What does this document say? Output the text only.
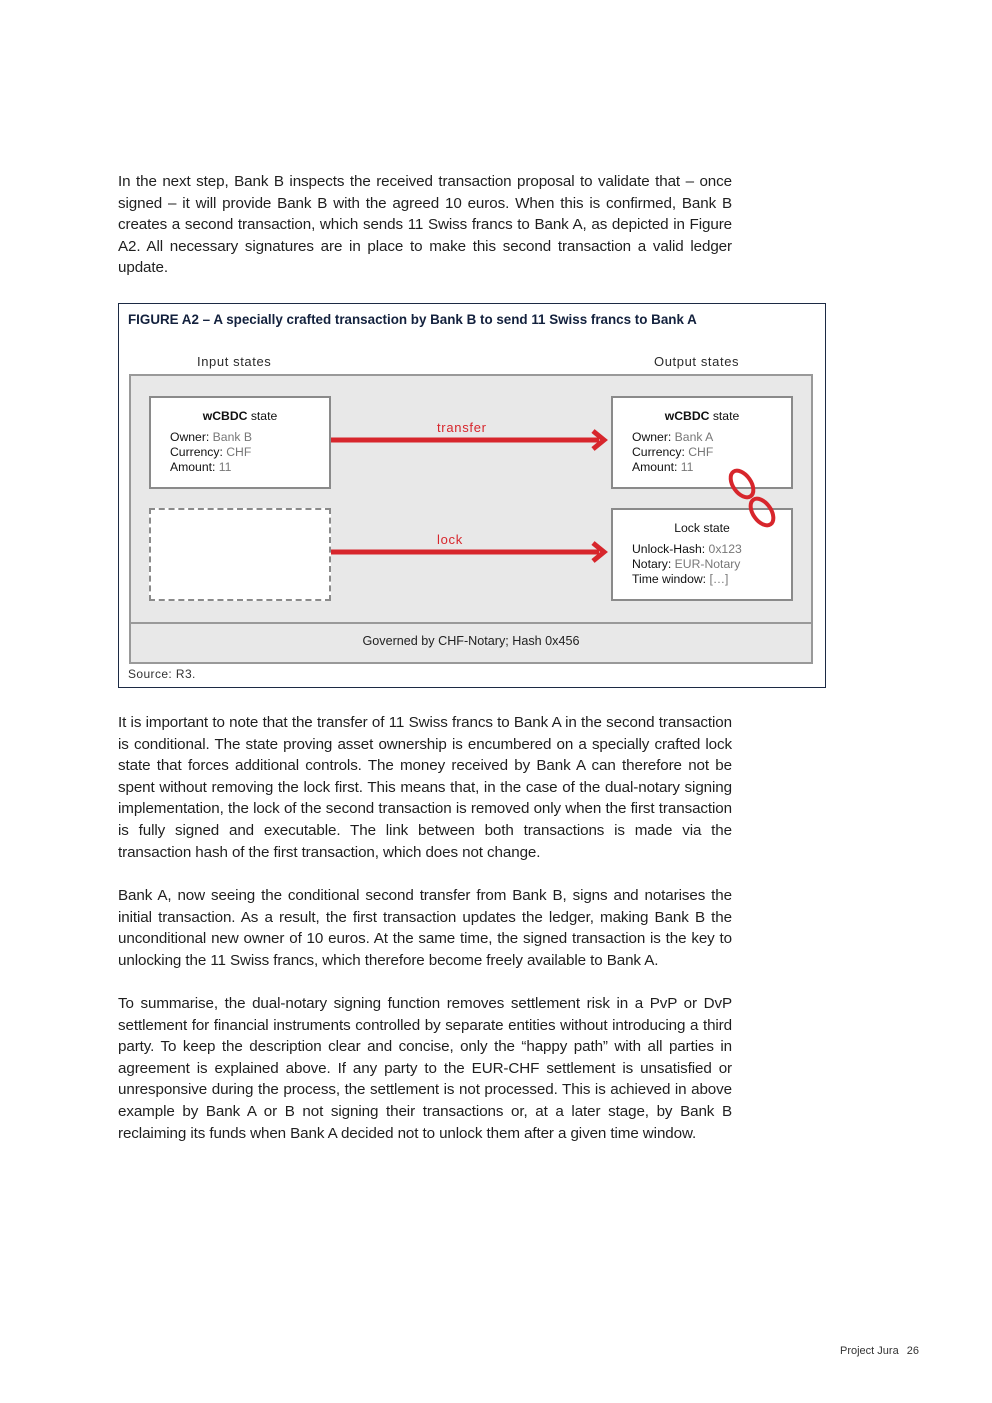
In the next step, Bank B inspects the received transaction proposal to validate that – once signed – it will provide Bank B with the agreed 10 euros. When this is confirmed, Bank B creates a second transaction, which sends 11 Swiss francs to Bank A, as depicted in Figure A2. All necessary signatures are in place to make this second transaction a valid ledger update.

FIGURE A2 – A specially crafted transaction by Bank B to send 11 Swiss francs to Bank A
Input states	Output states
wCBDC state
Owner: Bank B
Currency: CHF
Amount: 11
transfer
lock
wCBDC state
Owner: Bank A
Currency: CHF
Amount: 11
Lock state
Unlock-Hash: 0x123
Notary: EUR-Notary
Time window: […]
Governed by CHF-Notary; Hash 0x456
Source: R3.

It is important to note that the transfer of 11 Swiss francs to Bank A in the second transaction is conditional. The state proving asset ownership is encumbered on a specially crafted lock state that forces additional controls. The money received by Bank A can therefore not be spent without removing the lock first. This means that, in the case of the dual-notary signing implementation, the lock of the second transaction is removed only when the first transaction is fully signed and executable. The link between both transactions is made via the transaction hash of the first transaction, which does not change.

Bank A, now seeing the conditional second transfer from Bank B, signs and notarises the initial transaction. As a result, the first transaction updates the ledger, making Bank B the unconditional new owner of 10 euros. At the same time, the signed transaction is the key to unlocking the 11 Swiss francs, which therefore become freely available to Bank A.

To summarise, the dual-notary signing function removes settlement risk in a PvP or DvP settlement for financial instruments controlled by separate entities without introducing a third party. To keep the description clear and concise, only the “happy path” with all parties in agreement is explained above. If any party to the EUR-CHF settlement is unsatisfied or unresponsive during the process, the settlement is not processed. This is achieved in above example by Bank A or B not signing their transactions or, at a later stage, by Bank B reclaiming its funds when Bank A decided not to unlock them after a given time window.

Project Jura 26
